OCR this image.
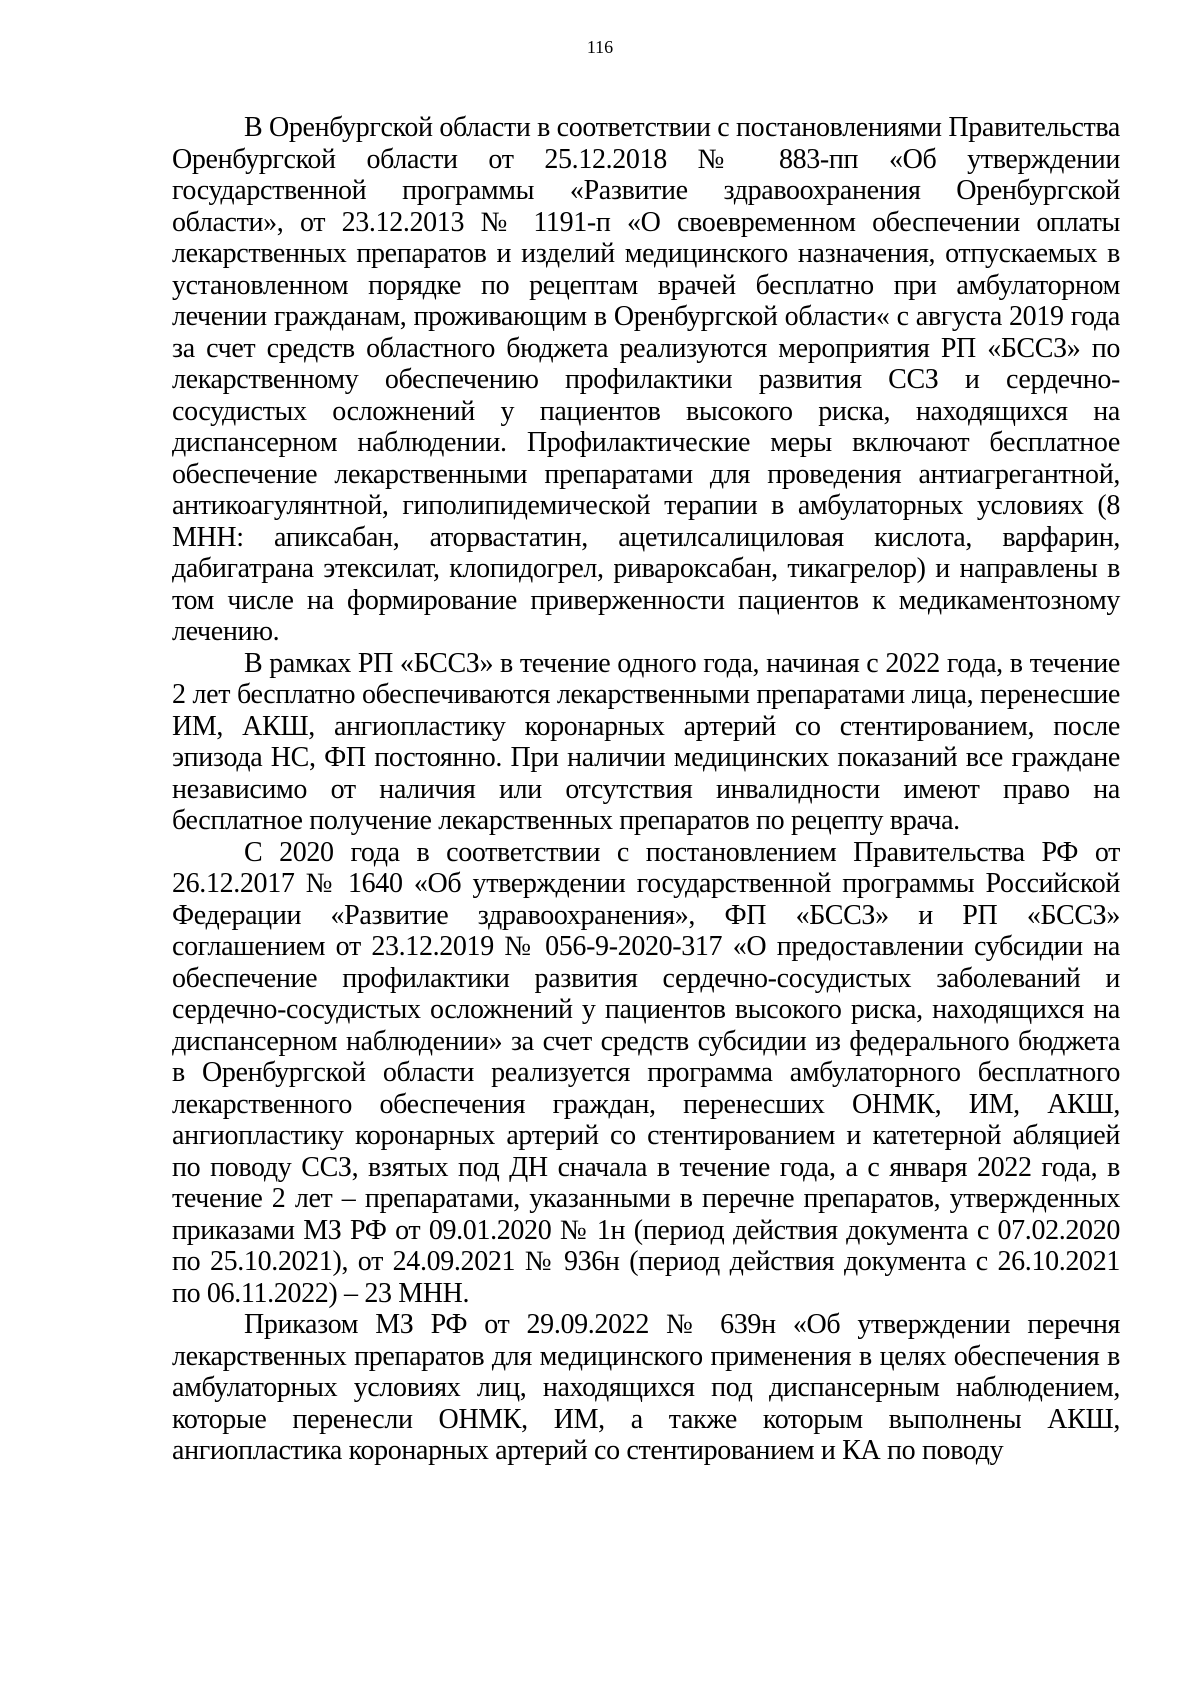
116

В Оренбургской области в соответствии с постановлениями Правительства Оренбургской области от 25.12.2018 № 883-пп «Об утверждении государственной программы «Развитие здравоохранения Оренбургской области», от 23.12.2013 № 1191-п «О своевременном обеспечении оплаты лекарственных препаратов и изделий медицинского назначения, отпускаемых в установленном порядке по рецептам врачей бесплатно при амбулаторном лечении гражданам, проживающим в Оренбургской области« с августа 2019 года за счет средств областного бюджета реализуются мероприятия РП «БССЗ» по лекарственному обеспечению профилактики развития ССЗ и сердечно-сосудистых осложнений у пациентов высокого риска, находящихся на диспансерном наблюдении. Профилактические меры включают бесплатное обеспечение лекарственными препаратами для проведения антиагрегантной, антикоагулянтной, гиполипидемической терапии в амбулаторных условиях (8 МНН: апиксабан, аторвастатин, ацетилсалициловая кислота, варфарин, дабигатрана этексилат, клопидогрел, ривароксабан, тикагрелор) и направлены в том числе на формирование приверженности пациентов к медикаментозному лечению.

В рамках РП «БССЗ» в течение одного года, начиная с 2022 года, в течение 2 лет бесплатно обеспечиваются лекарственными препаратами лица, перенесшие ИМ, АКШ, ангиопластику коронарных артерий со стентированием, после эпизода НС, ФП постоянно. При наличии медицинских показаний все граждане независимо от наличия или отсутствия инвалидности имеют право на бесплатное получение лекарственных препаратов по рецепту врача.

С 2020 года в соответствии с постановлением Правительства РФ от 26.12.2017 № 1640 «Об утверждении государственной программы Российской Федерации «Развитие здравоохранения», ФП «БССЗ» и РП «БССЗ» соглашением от 23.12.2019 № 056-9-2020-317 «О предоставлении субсидии на обеспечение профилактики развития сердечно-сосудистых заболеваний и сердечно-сосудистых осложнений у пациентов высокого риска, находящихся на диспансерном наблюдении» за счет средств субсидии из федерального бюджета в Оренбургской области реализуется программа амбулаторного бесплатного лекарственного обеспечения граждан, перенесших ОНМК, ИМ, АКШ, ангиопластику коронарных артерий со стентированием и катетерной абляцией по поводу ССЗ, взятых под ДН сначала в течение года, а с января 2022 года, в течение 2 лет – препаратами, указанными в перечне препаратов, утвержденных приказами МЗ РФ от 09.01.2020 № 1н (период действия документа с 07.02.2020 по 25.10.2021), от 24.09.2021 № 936н (период действия документа с 26.10.2021 по 06.11.2022) – 23 МНН.

Приказом МЗ РФ от 29.09.2022 № 639н «Об утверждении перечня лекарственных препаратов для медицинского применения в целях обеспечения в амбулаторных условиях лиц, находящихся под диспансерным наблюдением, которые перенесли ОНМК, ИМ, а также которым выполнены АКШ, ангиопластика коронарных артерий со стентированием и КА по поводу
